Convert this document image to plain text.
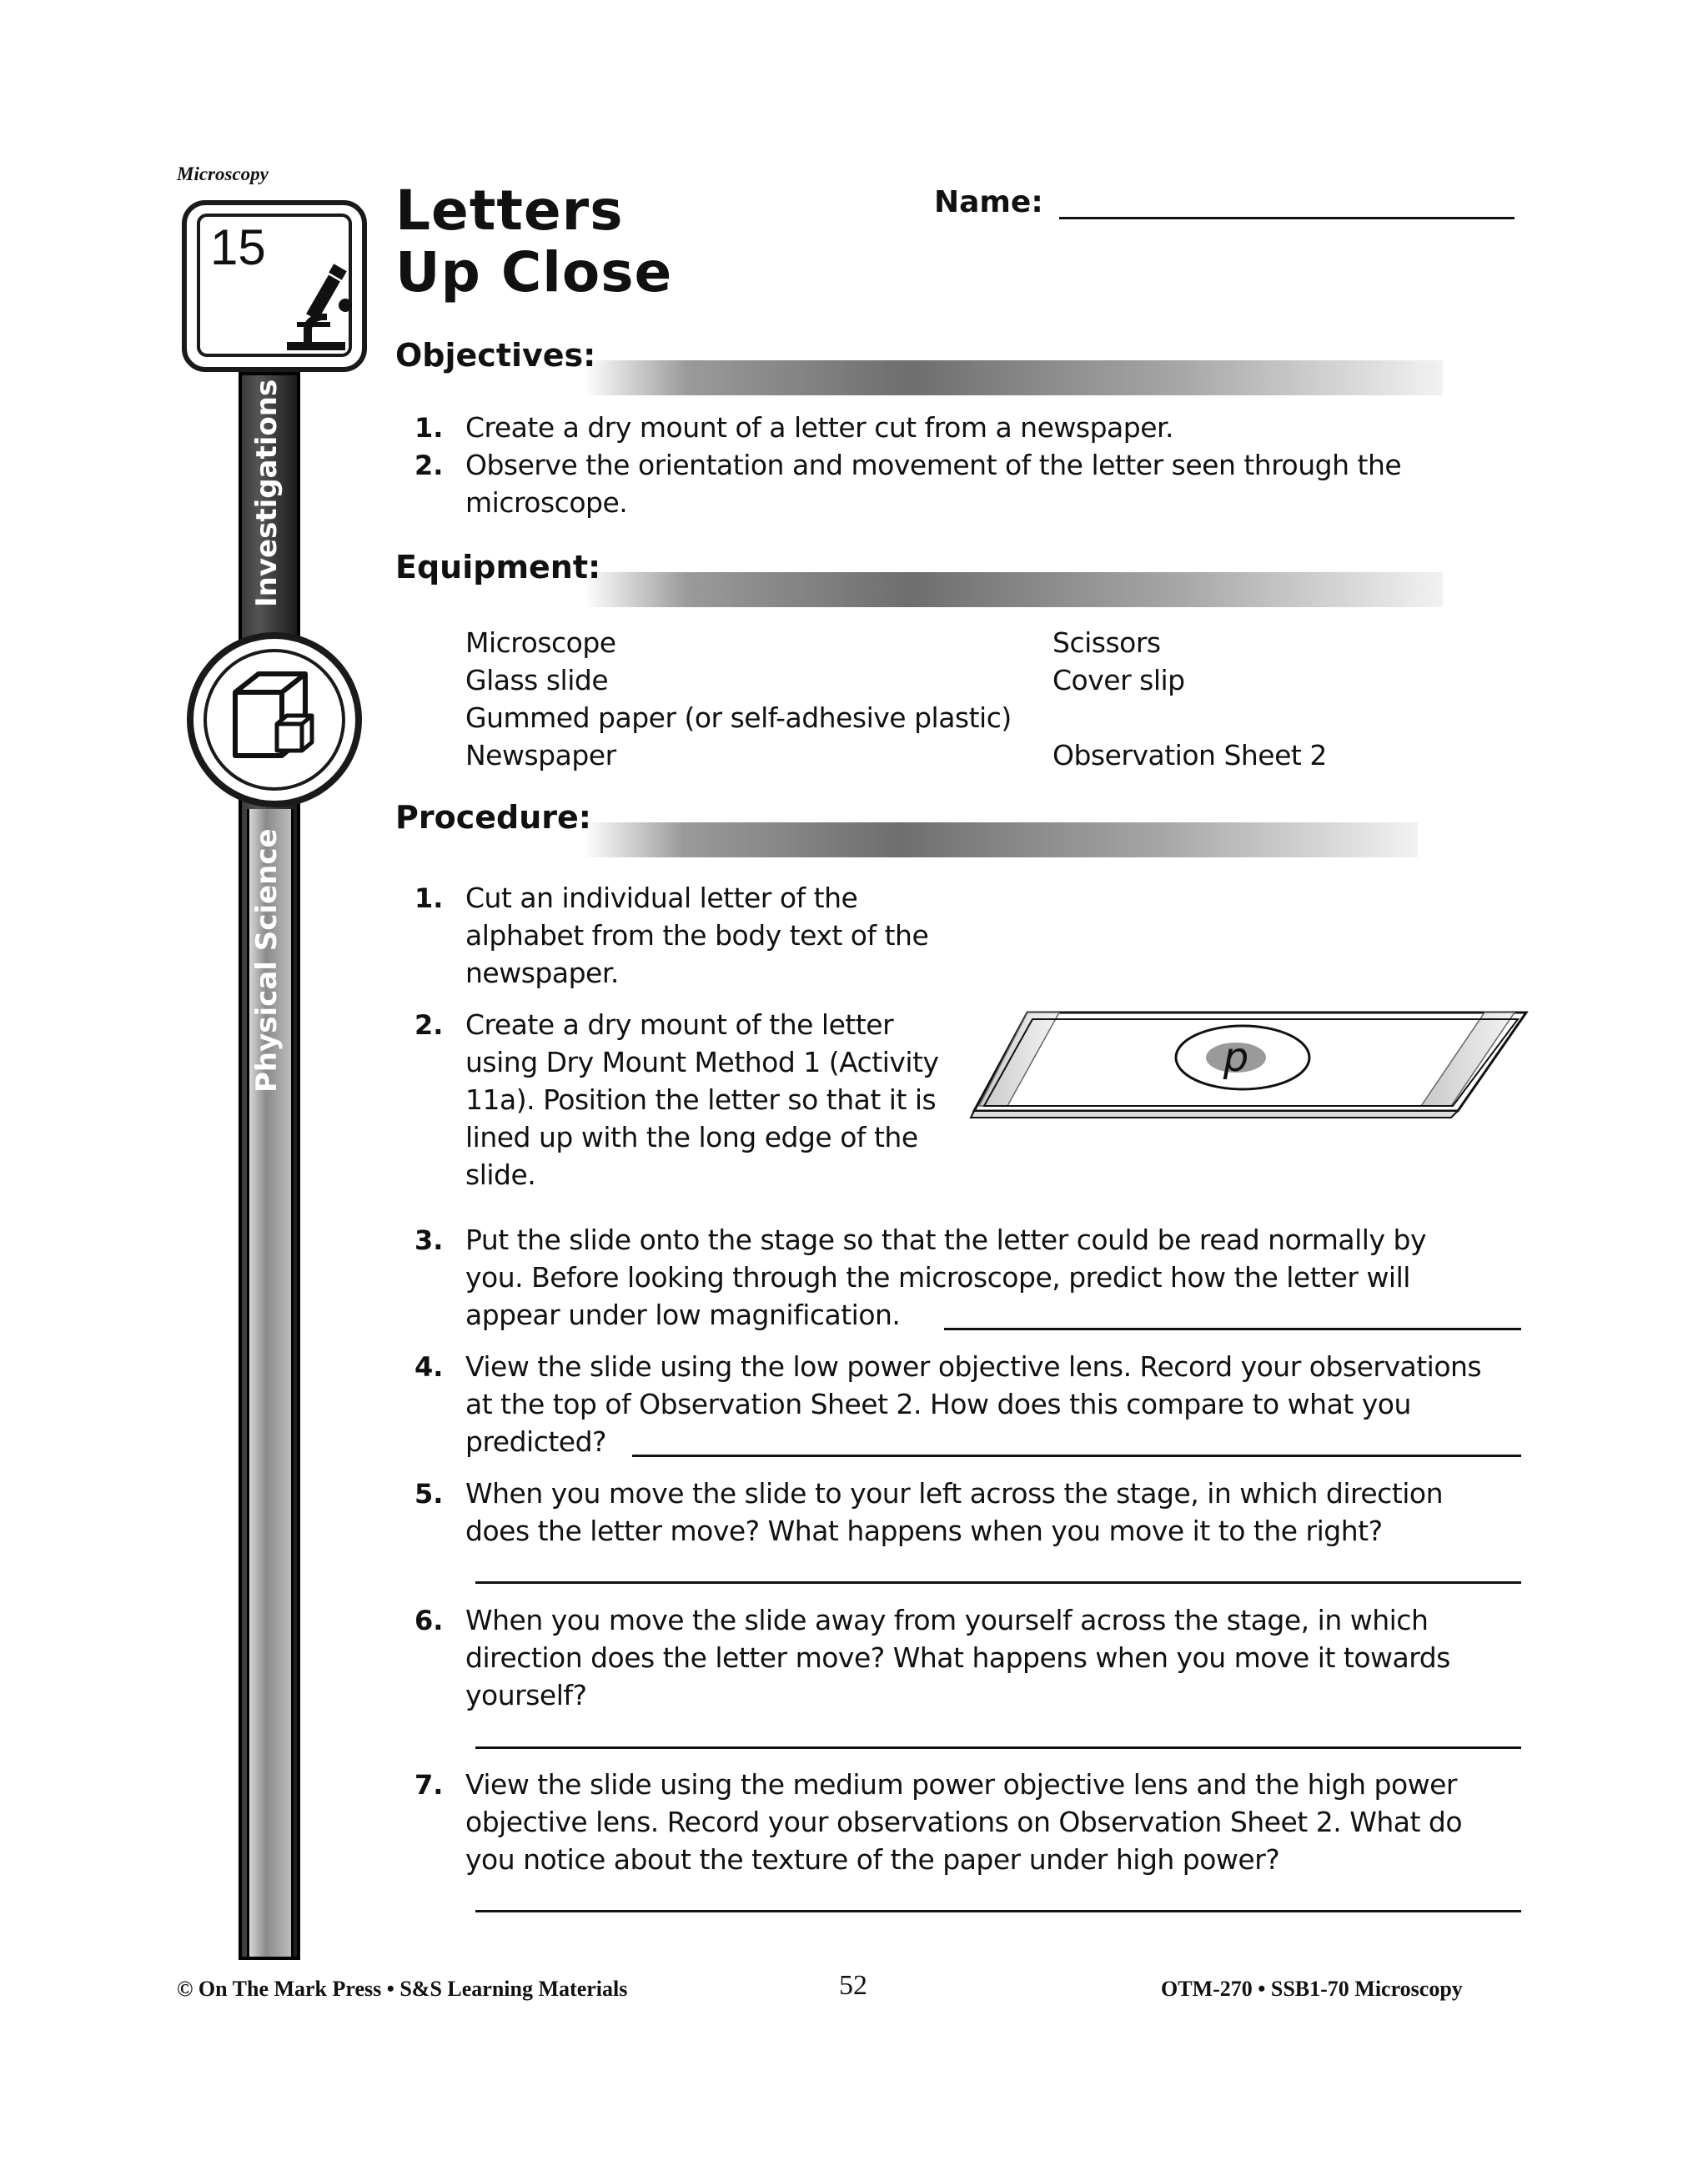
Microscopy
Investigations
Physical Science
15
Letters
Up Close
Name:
Objectives:
1. Create a dry mount of a letter cut from a newspaper.
2. Observe the orientation and movement of the letter seen through the
microscope.
Equipment:
Microscope
Glass slide
Gummed paper (or self-adhesive plastic)
Newspaper
Scissors
Cover slip
Observation Sheet 2
Procedure:
1. Cut an individual letter of the
alphabet from the body text of the
newspaper.
2. Create a dry mount of the letter
using Dry Mount Method 1 (Activity
11a). Position the letter so that it is
lined up with the long edge of the
slide.
p
3. Put the slide onto the stage so that the letter could be read normally by
you. Before looking through the microscope, predict how the letter will
appear under low magnification.
4. View the slide using the low power objective lens. Record your observations
at the top of Observation Sheet 2. How does this compare to what you
predicted?
5. When you move the slide to your left across the stage, in which direction
does the letter move? What happens when you move it to the right?
6. When you move the slide away from yourself across the stage, in which
direction does the letter move? What happens when you move it towards
yourself?
7. View the slide using the medium power objective lens and the high power
objective lens. Record your observations on Observation Sheet 2. What do
you notice about the texture of the paper under high power?
© On The Mark Press • S&S Learning Materials	52	OTM-270 • SSB1-70 Microscopy
